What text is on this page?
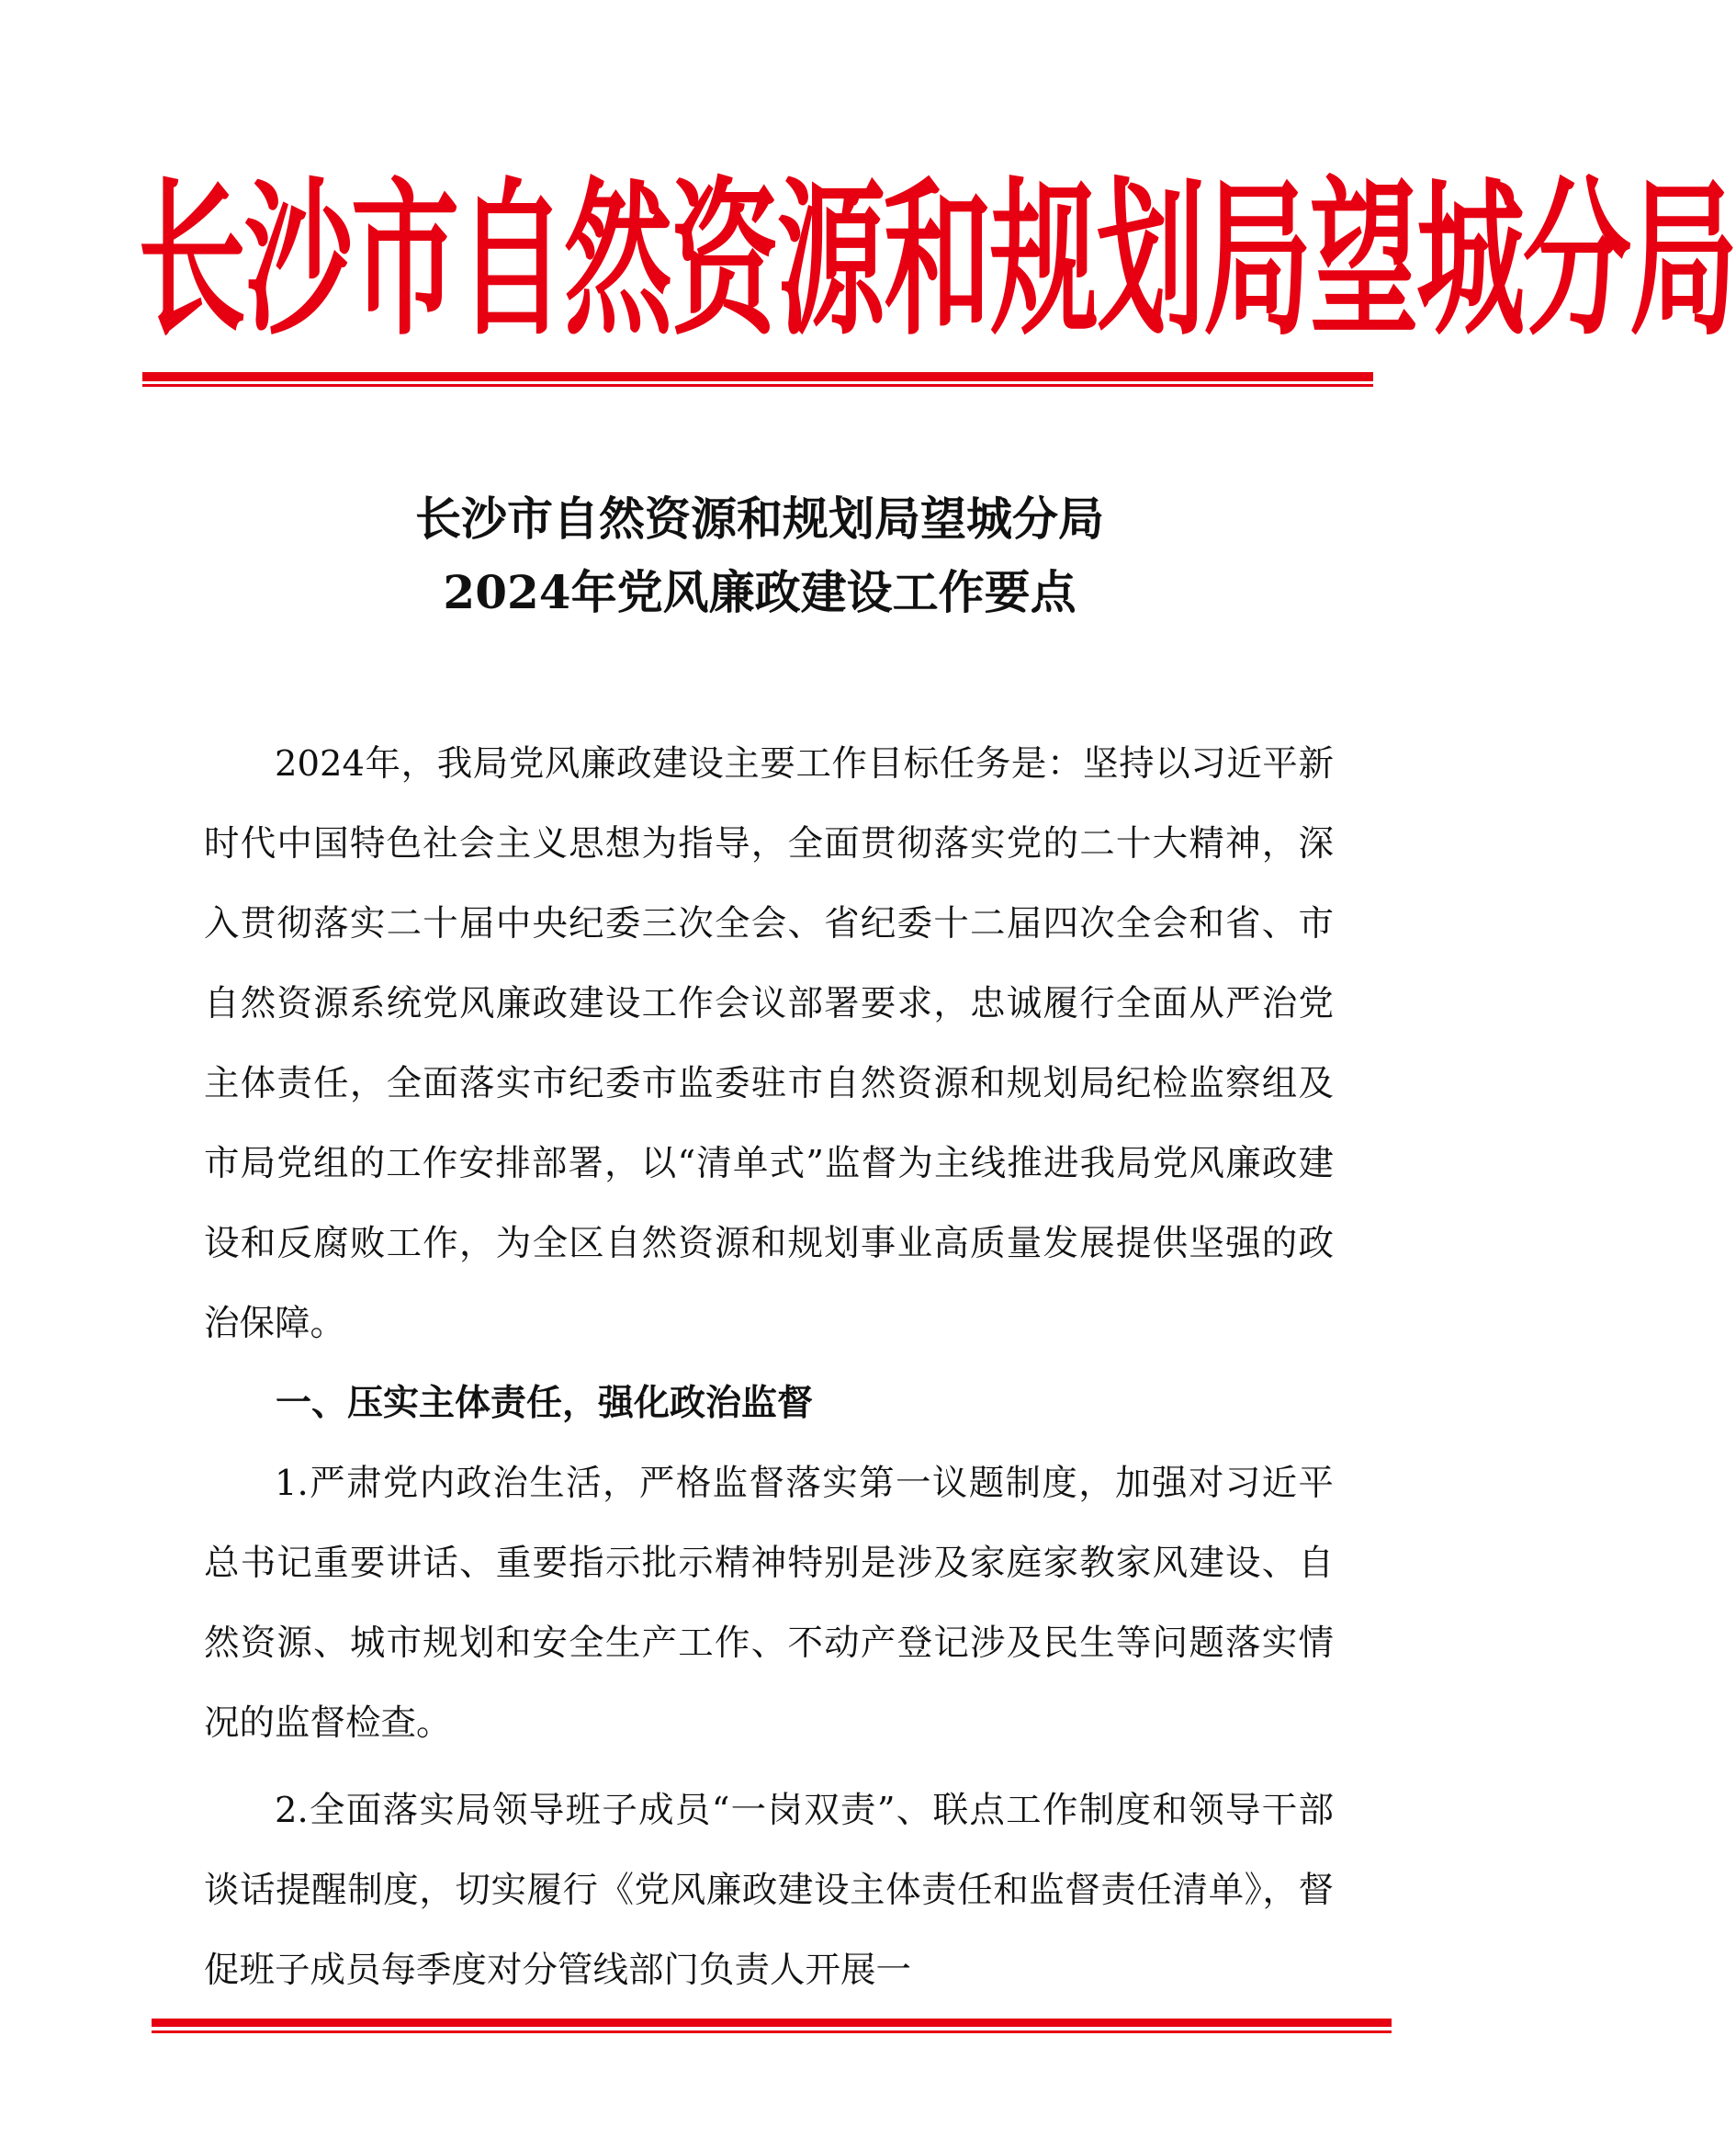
长沙市自然资源和规划局望城分局
长沙市自然资源和规划局望城分局
2024年党风廉政建设工作要点

2024年，我局党风廉政建设主要工作目标任务是：坚持以习近平新时代中国特色社会主义思想为指导，全面贯彻落实党的二十大精神，深入贯彻落实二十届中央纪委三次全会、省纪委十二届四次全会和省、市自然资源系统党风廉政建设工作会议部署要求，忠诚履行全面从严治党主体责任，全面落实市纪委市监委驻市自然资源和规划局纪检监察组及市局党组的工作安排部署，以“清单式”监督为主线推进我局党风廉政建设和反腐败工作，为全区自然资源和规划事业高质量发展提供坚强的政治保障。

一、压实主体责任，强化政治监督

1.严肃党内政治生活，严格监督落实第一议题制度，加强对习近平总书记重要讲话、重要指示批示精神特别是涉及家庭家教家风建设、自然资源、城市规划和安全生产工作、不动产登记涉及民生等问题落实情况的监督检查。

2.全面落实局领导班子成员“一岗双责”、联点工作制度和领导干部谈话提醒制度，切实履行《党风廉政建设主体责任和监督责任清单》，督促班子成员每季度对分管线部门负责人开展一
